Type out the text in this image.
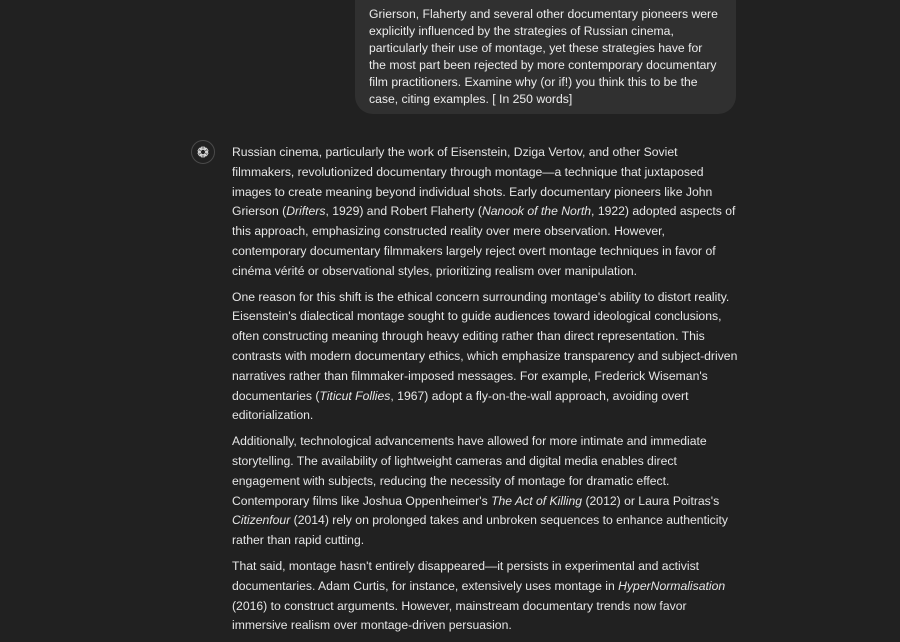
Grierson, Flaherty and several other documentary pioneers were explicitly influenced by the strategies of Russian cinema, particularly their use of montage, yet these strategies have for the most part been rejected by more contemporary documentary film practitioners. Examine why (or if!) you think this to be the case, citing examples. [ In 250 words]

Russian cinema, particularly the work of Eisenstein, Dziga Vertov, and other Soviet filmmakers, revolutionized documentary through montage—a technique that juxtaposed images to create meaning beyond individual shots. Early documentary pioneers like John Grierson (Drifters, 1929) and Robert Flaherty (Nanook of the North, 1922) adopted aspects of this approach, emphasizing constructed reality over mere observation. However, contemporary documentary filmmakers largely reject overt montage techniques in favor of cinéma vérité or observational styles, prioritizing realism over manipulation.

One reason for this shift is the ethical concern surrounding montage's ability to distort reality. Eisenstein's dialectical montage sought to guide audiences toward ideological conclusions, often constructing meaning through heavy editing rather than direct representation. This contrasts with modern documentary ethics, which emphasize transparency and subject-driven narratives rather than filmmaker-imposed messages. For example, Frederick Wiseman's documentaries (Titicut Follies, 1967) adopt a fly-on-the-wall approach, avoiding overt editorialization.

Additionally, technological advancements have allowed for more intimate and immediate storytelling. The availability of lightweight cameras and digital media enables direct engagement with subjects, reducing the necessity of montage for dramatic effect. Contemporary films like Joshua Oppenheimer's The Act of Killing (2012) or Laura Poitras's Citizenfour (2014) rely on prolonged takes and unbroken sequences to enhance authenticity rather than rapid cutting.

That said, montage hasn't entirely disappeared—it persists in experimental and activist documentaries. Adam Curtis, for instance, extensively uses montage in HyperNormalisation (2016) to construct arguments. However, mainstream documentary trends now favor immersive realism over montage-driven persuasion.
